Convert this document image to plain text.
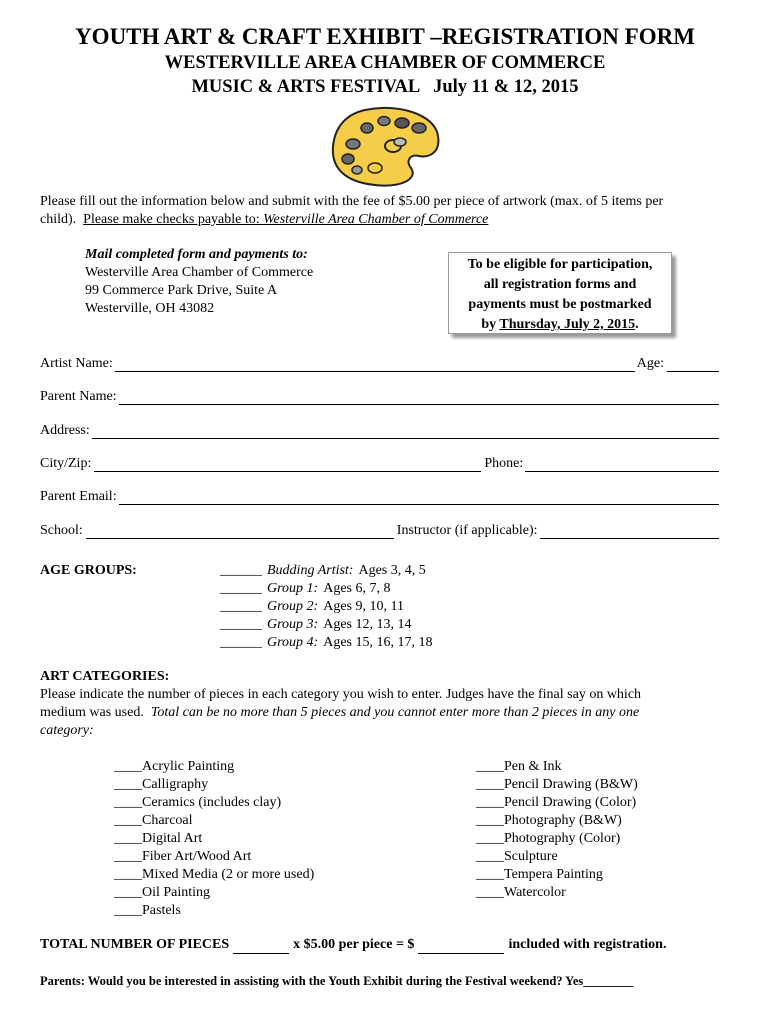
YOUTH ART & CRAFT EXHIBIT –REGISTRATION FORM
WESTERVILLE AREA CHAMBER OF COMMERCE
MUSIC & ARTS FESTIVAL   July 11 & 12, 2015
Please fill out the information below and submit with the fee of $5.00 per piece of artwork (max. of 5 items per
child).  Please make checks payable to: Westerville Area Chamber of Commerce
Mail completed form and payments to:
Westerville Area Chamber of Commerce
99 Commerce Park Drive, Suite A
Westerville, OH 43082
To be eligible for participation,
all registration forms and
payments must be postmarked
by Thursday, July 2, 2015.
Artist Name:	Age:
Parent Name:
Address:
City/Zip:	Phone:
Parent Email:
School:	Instructor (if applicable):
AGE GROUPS:	______ Budding Artist: Ages 3, 4, 5
______ Group 1: Ages 6, 7, 8
______ Group 2: Ages 9, 10, 11
______ Group 3: Ages 12, 13, 14
______ Group 4: Ages 15, 16, 17, 18
ART CATEGORIES:
Please indicate the number of pieces in each category you wish to enter. Judges have the final say on which
medium was used.  Total can be no more than 5 pieces and you cannot enter more than 2 pieces in any one
category:
____Acrylic Painting
____Calligraphy
____Ceramics (includes clay)
____Charcoal
____Digital Art
____Fiber Art/Wood Art
____Mixed Media (2 or more used)
____Oil Painting
____Pastels
____Pen & Ink
____Pencil Drawing (B&W)
____Pencil Drawing (Color)
____Photography (B&W)
____Photography (Color)
____Sculpture
____Tempera Painting
____Watercolor
TOTAL NUMBER OF PIECES	x $5.00 per piece = $	included with registration.
Parents: Would you be interested in assisting with the Youth Exhibit during the Festival weekend? Yes________
